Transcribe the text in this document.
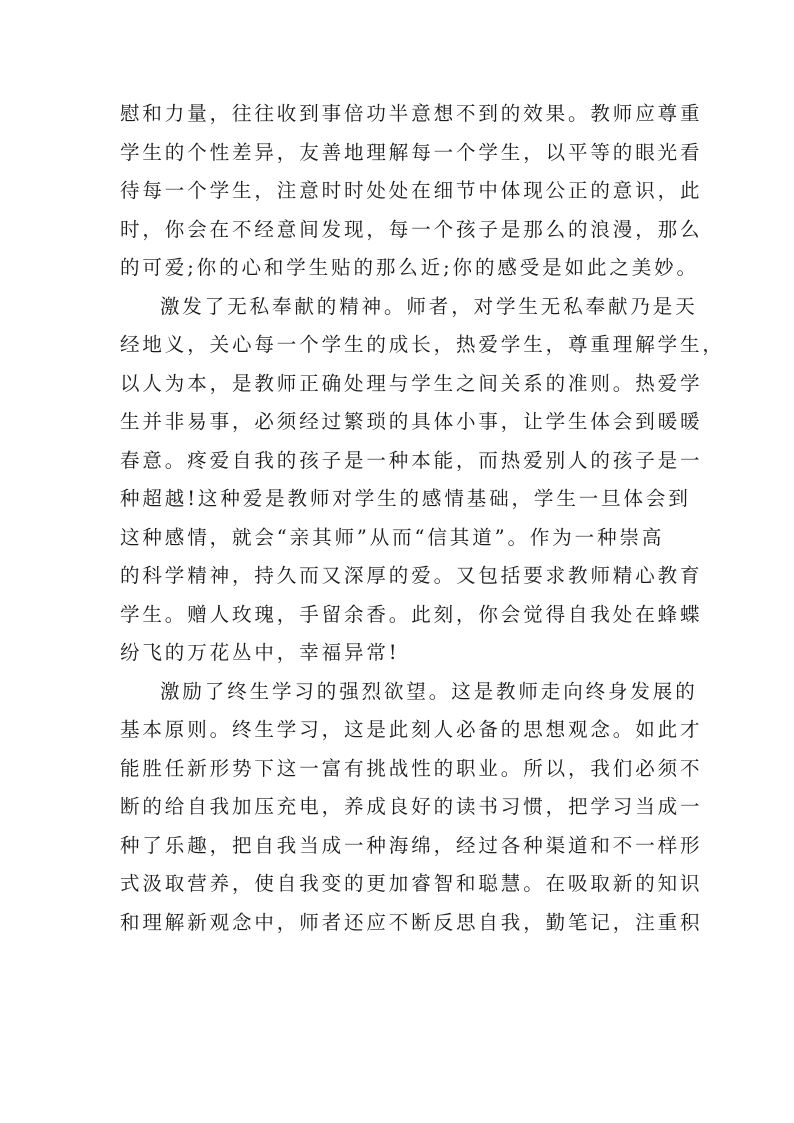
慰和力量，往往收到事倍功半意想不到的效果。教师应尊重
学生的个性差异，友善地理解每一个学生，以平等的眼光看
待每一个学生，注意时时处处在细节中体现公正的意识，此
时，你会在不经意间发现，每一个孩子是那么的浪漫，那么
的可爱;你的心和学生贴的那么近;你的感受是如此之美妙。
激发了无私奉献的精神。师者，对学生无私奉献乃是天
经地义，关心每一个学生的成长，热爱学生，尊重理解学生，
以人为本，是教师正确处理与学生之间关系的准则。热爱学
生并非易事，必须经过繁琐的具体小事，让学生体会到暖暖
春意。疼爱自我的孩子是一种本能，而热爱别人的孩子是一
种超越!这种爱是教师对学生的感情基础，学生一旦体会到
这种感情，就会“亲其师”从而“信其道”。作为一种崇高
的科学精神，持久而又深厚的爱。又包括要求教师精心教育
学生。赠人玫瑰，手留余香。此刻，你会觉得自我处在蜂蝶
纷飞的万花丛中，幸福异常!
激励了终生学习的强烈欲望。这是教师走向终身发展的
基本原则。终生学习，这是此刻人必备的思想观念。如此才
能胜任新形势下这一富有挑战性的职业。所以，我们必须不
断的给自我加压充电，养成良好的读书习惯，把学习当成一
种了乐趣，把自我当成一种海绵，经过各种渠道和不一样形
式汲取营养，使自我变的更加睿智和聪慧。在吸取新的知识
和理解新观念中，师者还应不断反思自我，勤笔记，注重积
